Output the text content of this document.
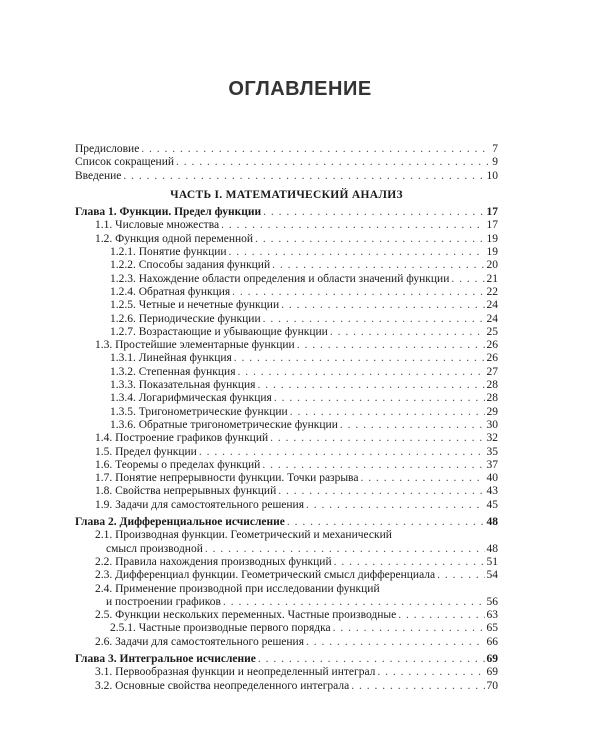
ОГЛАВЛЕНИЕ
Предисловие . . .	7
Список сокращений . . .	9
Введение . . .	10
ЧАСТЬ I. МАТЕМАТИЧЕСКИЙ АНАЛИЗ
Глава 1. Функции. Предел функции . . .	17
1.1. Числовые множества . . .	17
1.2. Функция одной переменной . . .	19
1.2.1. Понятие функции . . .	19
1.2.2. Способы задания функций . . .	20
1.2.3. Нахождение области определения и области значений функции . . .	21
1.2.4. Обратная функция . . .	22
1.2.5. Четные и нечетные функции . . .	24
1.2.6. Периодические функции . . .	24
1.2.7. Возрастающие и убывающие функции . . .	25
1.3. Простейшие элементарные функции . . .	26
1.3.1. Линейная функция . . .	26
1.3.2. Степенная функция . . .	27
1.3.3. Показательная функция . . .	28
1.3.4. Логарифмическая функция . . .	28
1.3.5. Тригонометрические функции . . .	29
1.3.6. Обратные тригонометрические функции . . .	30
1.4. Построение графиков функций . . .	32
1.5. Предел функции . . .	35
1.6. Теоремы о пределах функций . . .	37
1.7. Понятие непрерывности функции. Точки разрыва . . .	40
1.8. Свойства непрерывных функций . . .	43
1.9. Задачи для самостоятельного решения . . .	45
Глава 2. Дифференциальное исчисление . . .	48
2.1. Производная функции. Геометрический и механический
смысл производной . . .	48
2.2. Правила нахождения производных функций . . .	51
2.3. Дифференциал функции. Геометрический смысл дифференциала . . .	54
2.4. Применение производной при исследовании функций
и построении графиков . . .	56
2.5. Функции нескольких переменных. Частные производные . . .	63
2.5.1. Частные производные первого порядка . . .	65
2.6. Задачи для самостоятельного решения . . .	66
Глава 3. Интегральное исчисление . . .	69
3.1. Первообразная функции и неопределенный интеграл . . .	69
3.2. Основные свойства неопределенного интеграла . . .	70
